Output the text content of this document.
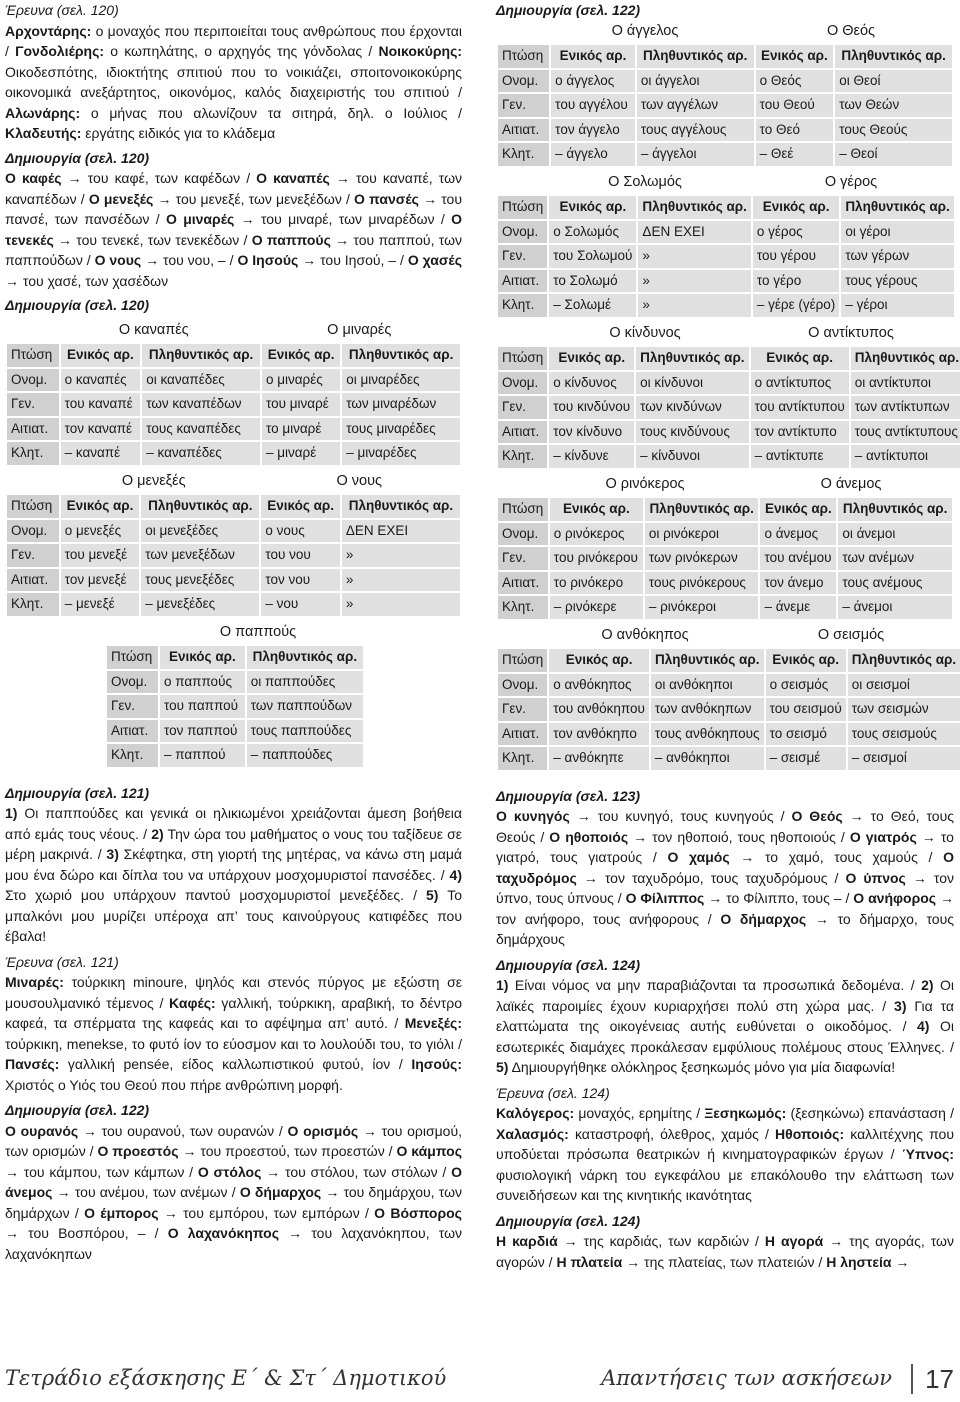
Έρευνα (σελ. 120)

Αρχοντάρης: ο μοναχός που περιποιείται τους ανθρώπους που έρχονται / Γονδολιέρης: ο κωπηλάτης, ο αρχηγός της γόνδολας / Νοικοκύρης: Οικοδεσπότης, ιδιοκτήτης σπιτιού που το νοικιάζει, σποιτονοικοκύρης οικονομικά ανεξάρτητος, οικονόμος, καλός διαχειριστής του σπιτιού / Αλωνάρης: ο μήνας που αλωνίζουν τα σιτηρά, δηλ. ο Ιούλιος / Κλαδευτής: εργάτης ειδικός για το κλάδεμα

Δημιουργία (σελ. 120)

Ο καφές → του καφέ, των καφέδων / Ο καναπές → του καναπέ, των καναπέδων / Ο μενεξές → του μενεξέ, των μενεξέδων / Ο πανσές → του πανσέ, των πανσέδων / Ο μιναρές → του μιναρέ, των μιναρέδων / Ο τενεκές → του τενεκέ, των τενεκέδων / Ο παππούς → του παππού, των παππούδων / Ο νους → του νου, – / Ο Ιησούς → του Ιησού, – / Ο χασές → του χασέ, των χασέδων

Δημιουργία (σελ. 120)

Ο καναπές	Ο μιναρές
Πτώση	Ενικός αρ.	Πληθυντικός αρ.	Ενικός αρ.	Πληθυντικός αρ.
Ονομ.	ο καναπές	οι καναπέδες	ο μιναρές	οι μιναρέδες
Γεν.	του καναπέ	των καναπέδων	του μιναρέ	των μιναρέδων
Αιτιατ.	τον καναπέ	τους καναπέδες	το μιναρέ	τους μιναρέδες
Κλητ.	– καναπέ	– καναπέδες	– μιναρέ	– μιναρέδες
Ο μενεξές	Ο νους
Πτώση	Ενικός αρ.	Πληθυντικός αρ.	Ενικός αρ.	Πληθυντικός αρ.
Ονομ.	ο μενεξές	οι μενεξέδες	ο νους	ΔΕΝ ΕΧΕΙ
Γεν.	του μενεξέ	των μενεξέδων	του νου	»
Αιτιατ.	τον μενεξέ	τους μενεξέδες	τον νου	»
Κλητ.	– μενεξέ	– μενεξέδες	– νου	»
Ο παππούς
Πτώση	Ενικός αρ.	Πληθυντικός αρ.
Ονομ.	ο παππούς	οι παππούδες
Γεν.	του παππού	των παππούδων
Αιτιατ.	τον παππού	τους παππούδες
Κλητ.	– παππού	– παππούδες

Δημιουργία (σελ. 121)

1) Οι παππούδες και γενικά οι ηλικιωμένοι χρειάζονται άμεση βοήθεια από εμάς τους νέους. / 2) Την ώρα του μαθήματος ο νους του ταξίδευε σε μέρη μακρινά. / 3) Σκέφτηκα, στη γιορτή της μητέρας, να κάνω στη μαμά μου ένα δώρο και δίπλα του να υπάρχουν μοσχομυριστοί πανσέδες. / 4) Στο χωριό μου υπάρχουν παντού μοσχομυριστοί μενεξέδες. / 5) Το μπαλκόνι μου μυρίζει υπέροχα απ’ τους καινούργους κατιφέδες που έβαλα!

Έρευνα (σελ. 121)

Μιναρές: τούρκικη minoure, ψηλός και στενός πύργος με εξώστη σε μουσουλμανικό τέμενος / Καφές: γαλλική, τούρκικη, αραβική, το δέντρο καφεά, τα σπέρματα της καφεάς και το αφέψημα απ’ αυτό. / Μενεξές: τούρκικη, menekse, το φυτό ίον το εύοσμον και το λουλούδι του, το γιόλι / Πανσές: γαλλική pensée, είδος καλλωπιστικού φυτού, ίον / Ιησούς: Χριστός ο Υιός του Θεού που πήρε ανθρώπινη μορφή.

Δημιουργία (σελ. 122)

Ο ουρανός → του ουρανού, των ουρανών / Ο ορισμός → του ορισμού, των ορισμών / Ο προεστός → του προεστού, των προεστών / Ο κάμπος → του κάμπου, των κάμπων / Ο στόλος → του στόλου, των στόλων / Ο άνεμος → του ανέμου, των ανέμων / Ο δήμαρχος → του δημάρχου, των δημάρχων / Ο έμπορος → του εμπόρου, των εμπόρων / Ο Βόσπορος → του Βοσπόρου, – / Ο λαχανόκηπος → του λαχανόκηπου, των λαχανόκηπων

Δημιουργία (σελ. 122)

Ο άγγελος	Ο Θεός
Πτώση	Ενικός αρ.	Πληθυντικός αρ.	Ενικός αρ.	Πληθυντικός αρ.
Ονομ.	ο άγγελος	οι άγγελοι	ο Θεός	οι Θεοί
Γεν.	του αγγέλου	των αγγέλων	του Θεού	των Θεών
Αιτιατ.	τον άγγελο	τους αγγέλους	το Θεό	τους Θεούς
Κλητ.	– άγγελο	– άγγελοι	– Θεέ	– Θεοί
Ο Σολωμός	Ο γέρος
Πτώση	Ενικός αρ.	Πληθυντικός αρ.	Ενικός αρ.	Πληθυντικός αρ.
Ονομ.	ο Σολωμός	ΔΕΝ ΕΧΕΙ	ο γέρος	οι γέροι
Γεν.	του Σολωμού	»	του γέρου	των γέρων
Αιτιατ.	το Σολωμό	»	το γέρο	τους γέρους
Κλητ.	– Σολωμέ	»	– γέρε (γέρο)	– γέροι
Ο κίνδυνος	Ο αντίκτυπος
Πτώση	Ενικός αρ.	Πληθυντικός αρ.	Ενικός αρ.	Πληθυντικός αρ.
Ονομ.	ο κίνδυνος	οι κίνδυνοι	ο αντίκτυπος	οι αντίκτυποι
Γεν.	του κινδύνου	των κινδύνων	του αντίκτυπου	των αντίκτυπων
Αιτιατ.	τον κίνδυνο	τους κινδύνους	τον αντίκτυπο	τους αντίκτυπους
Κλητ.	– κίνδυνε	– κίνδυνοι	– αντίκτυπε	– αντίκτυποι
Ο ρινόκερος	Ο άνεμος
Πτώση	Ενικός αρ.	Πληθυντικός αρ.	Ενικός αρ.	Πληθυντικός αρ.
Ονομ.	ο ρινόκερος	οι ρινόκεροι	ο άνεμος	οι άνεμοι
Γεν.	του ρινόκερου	των ρινόκερων	του ανέμου	των ανέμων
Αιτιατ.	το ρινόκερο	τους ρινόκερους	τον άνεμο	τους ανέμους
Κλητ.	– ρινόκερε	– ρινόκεροι	– άνεμε	– άνεμοι
Ο ανθόκηπος	Ο σεισμός
Πτώση	Ενικός αρ.	Πληθυντικός αρ.	Ενικός αρ.	Πληθυντικός αρ.
Ονομ.	ο ανθόκηπος	οι ανθόκηποι	ο σεισμός	οι σεισμοί
Γεν.	του ανθόκηπου	των ανθόκηπων	του σεισμού	των σεισμών
Αιτιατ.	τον ανθόκηπο	τους ανθόκηπους	το σεισμό	τους σεισμούς
Κλητ.	– ανθόκηπε	– ανθόκηποι	– σεισμέ	– σεισμοί

Δημιουργία (σελ. 123)

Ο κυνηγός → του κυνηγό, τους κυνηγούς / Ο Θεός → το Θεό, τους Θεούς / Ο ηθοποιός → τον ηθοποιό, τους ηθοποιούς / Ο γιατρός → το γιατρό, τους γιατρούς / Ο χαμός → το χαμό, τους χαμούς / Ο ταχυδρόμος → τον ταχυδρόμο, τους ταχυδρόμους / Ο ύπνος → τον ύπνο, τους ύπνους / Ο Φίλιππος → το Φίλιππο, τους – / Ο ανήφορος → τον ανήφορο, τους ανήφορους / Ο δήμαρχος → το δήμαρχο, τους δημάρχους

Δημιουργία (σελ. 124)

1) Είναι νόμος να μην παραβιάζονται τα προσωπικά δεδομένα. / 2) Οι λαϊκές παροιμίες έχουν κυριαρχήσει πολύ στη χώρα μας. / 3) Για τα ελαττώματα της οικογένειας αυτής ευθύνεται ο οικοδόμος. / 4) Οι εσωτερικές διαμάχες προκάλεσαν εμφύλιους πολέμους στους Έλληνες. / 5) Δημιουργήθηκε ολόκληρος ξεσηκωμός μόνο για μία διαφωνία!

Έρευνα (σελ. 124)

Καλόγερος: μοναχός, ερημίτης / Ξεσηκωμός: (ξεσηκώνω) επανάσταση / Χαλασμός: καταστροφή, όλεθρος, χαμός / Ηθοποιός: καλλιτέχνης που υποδύεται πρόσωπα θεατρικών ή κινηματογραφικών έργων / Ύπνος: φυσιολογική νάρκη του εγκεφάλου με επακόλουθο την ελάττωση των συνειδήσεων και της κινητικής ικανότητας

Δημιουργία (σελ. 124)

Η καρδιά → της καρδιάς, των καρδιών / Η αγορά → της αγοράς, των αγορών / Η πλατεία → της πλατείας, των πλατειών / Η ληστεία →

Τετράδιο εξάσκησης Ε΄ & Στ΄ Δημοτικού	Απαντήσεις των ασκήσεων	17
